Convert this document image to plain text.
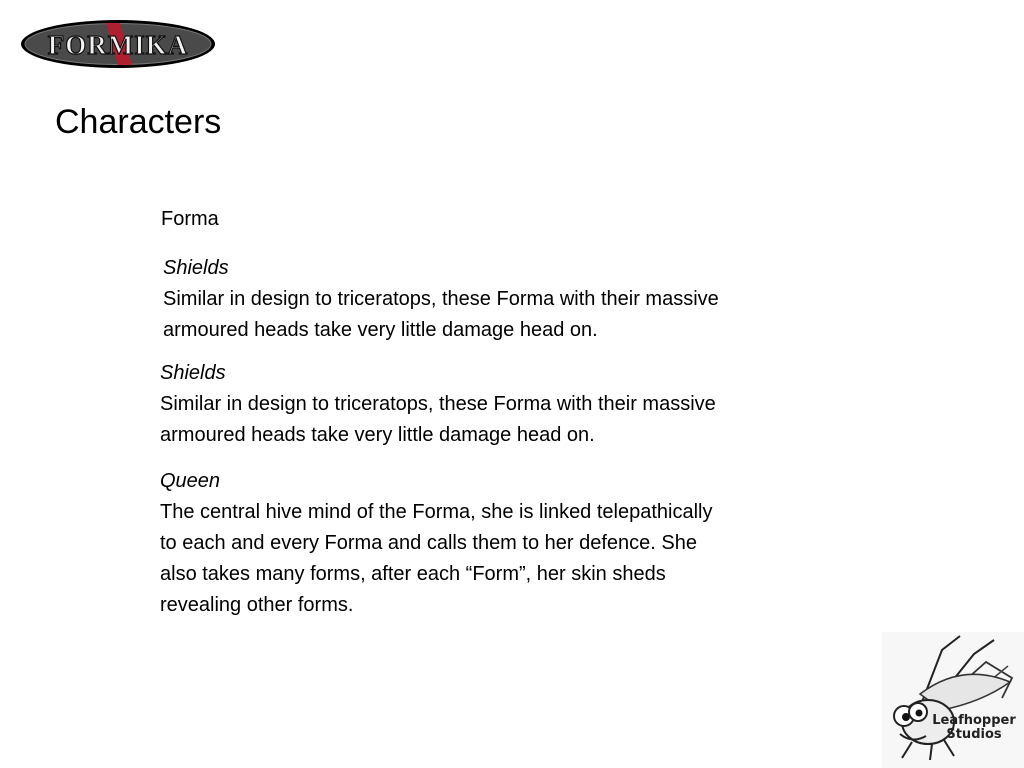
FORMIKA
Characters
Forma
Shields
Similar in design to triceratops, these Forma with their massive
armoured heads take very little damage head on.
Shields
Similar in design to triceratops, these Forma with their massive
armoured heads take very little damage head on.
Queen
The central hive mind of the Forma, she is linked telepathically
to each and every Forma and calls them to her defence. She
also takes many forms, after each “Form”, her skin sheds
revealing other forms.
Leafhopper
Studios
